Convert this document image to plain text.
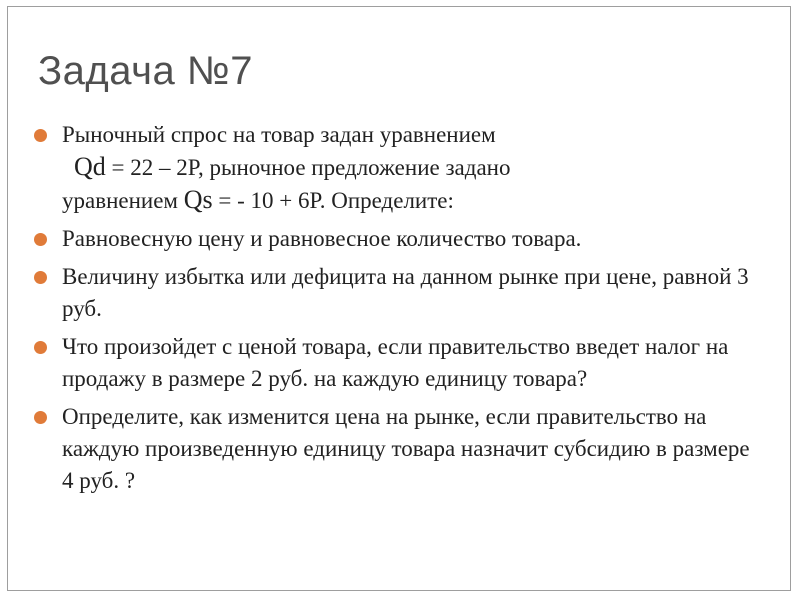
Задача №7
Рыночный спрос на товар задан уравнением
Qd = 22 – 2P, рыночное предложение задано
уравнением Qs = - 10 + 6P. Определите:
Равновесную цену и равновесное количество товара.
Величину избытка или дефицита на данном рынке при цене, равной 3 руб.
Что произойдет с ценой товара, если правительство введет налог на продажу в размере 2 руб. на каждую единицу товара?
Определите, как изменится цена на рынке, если правительство на каждую произведенную единицу товара назначит субсидию в размере 4 руб. ?
